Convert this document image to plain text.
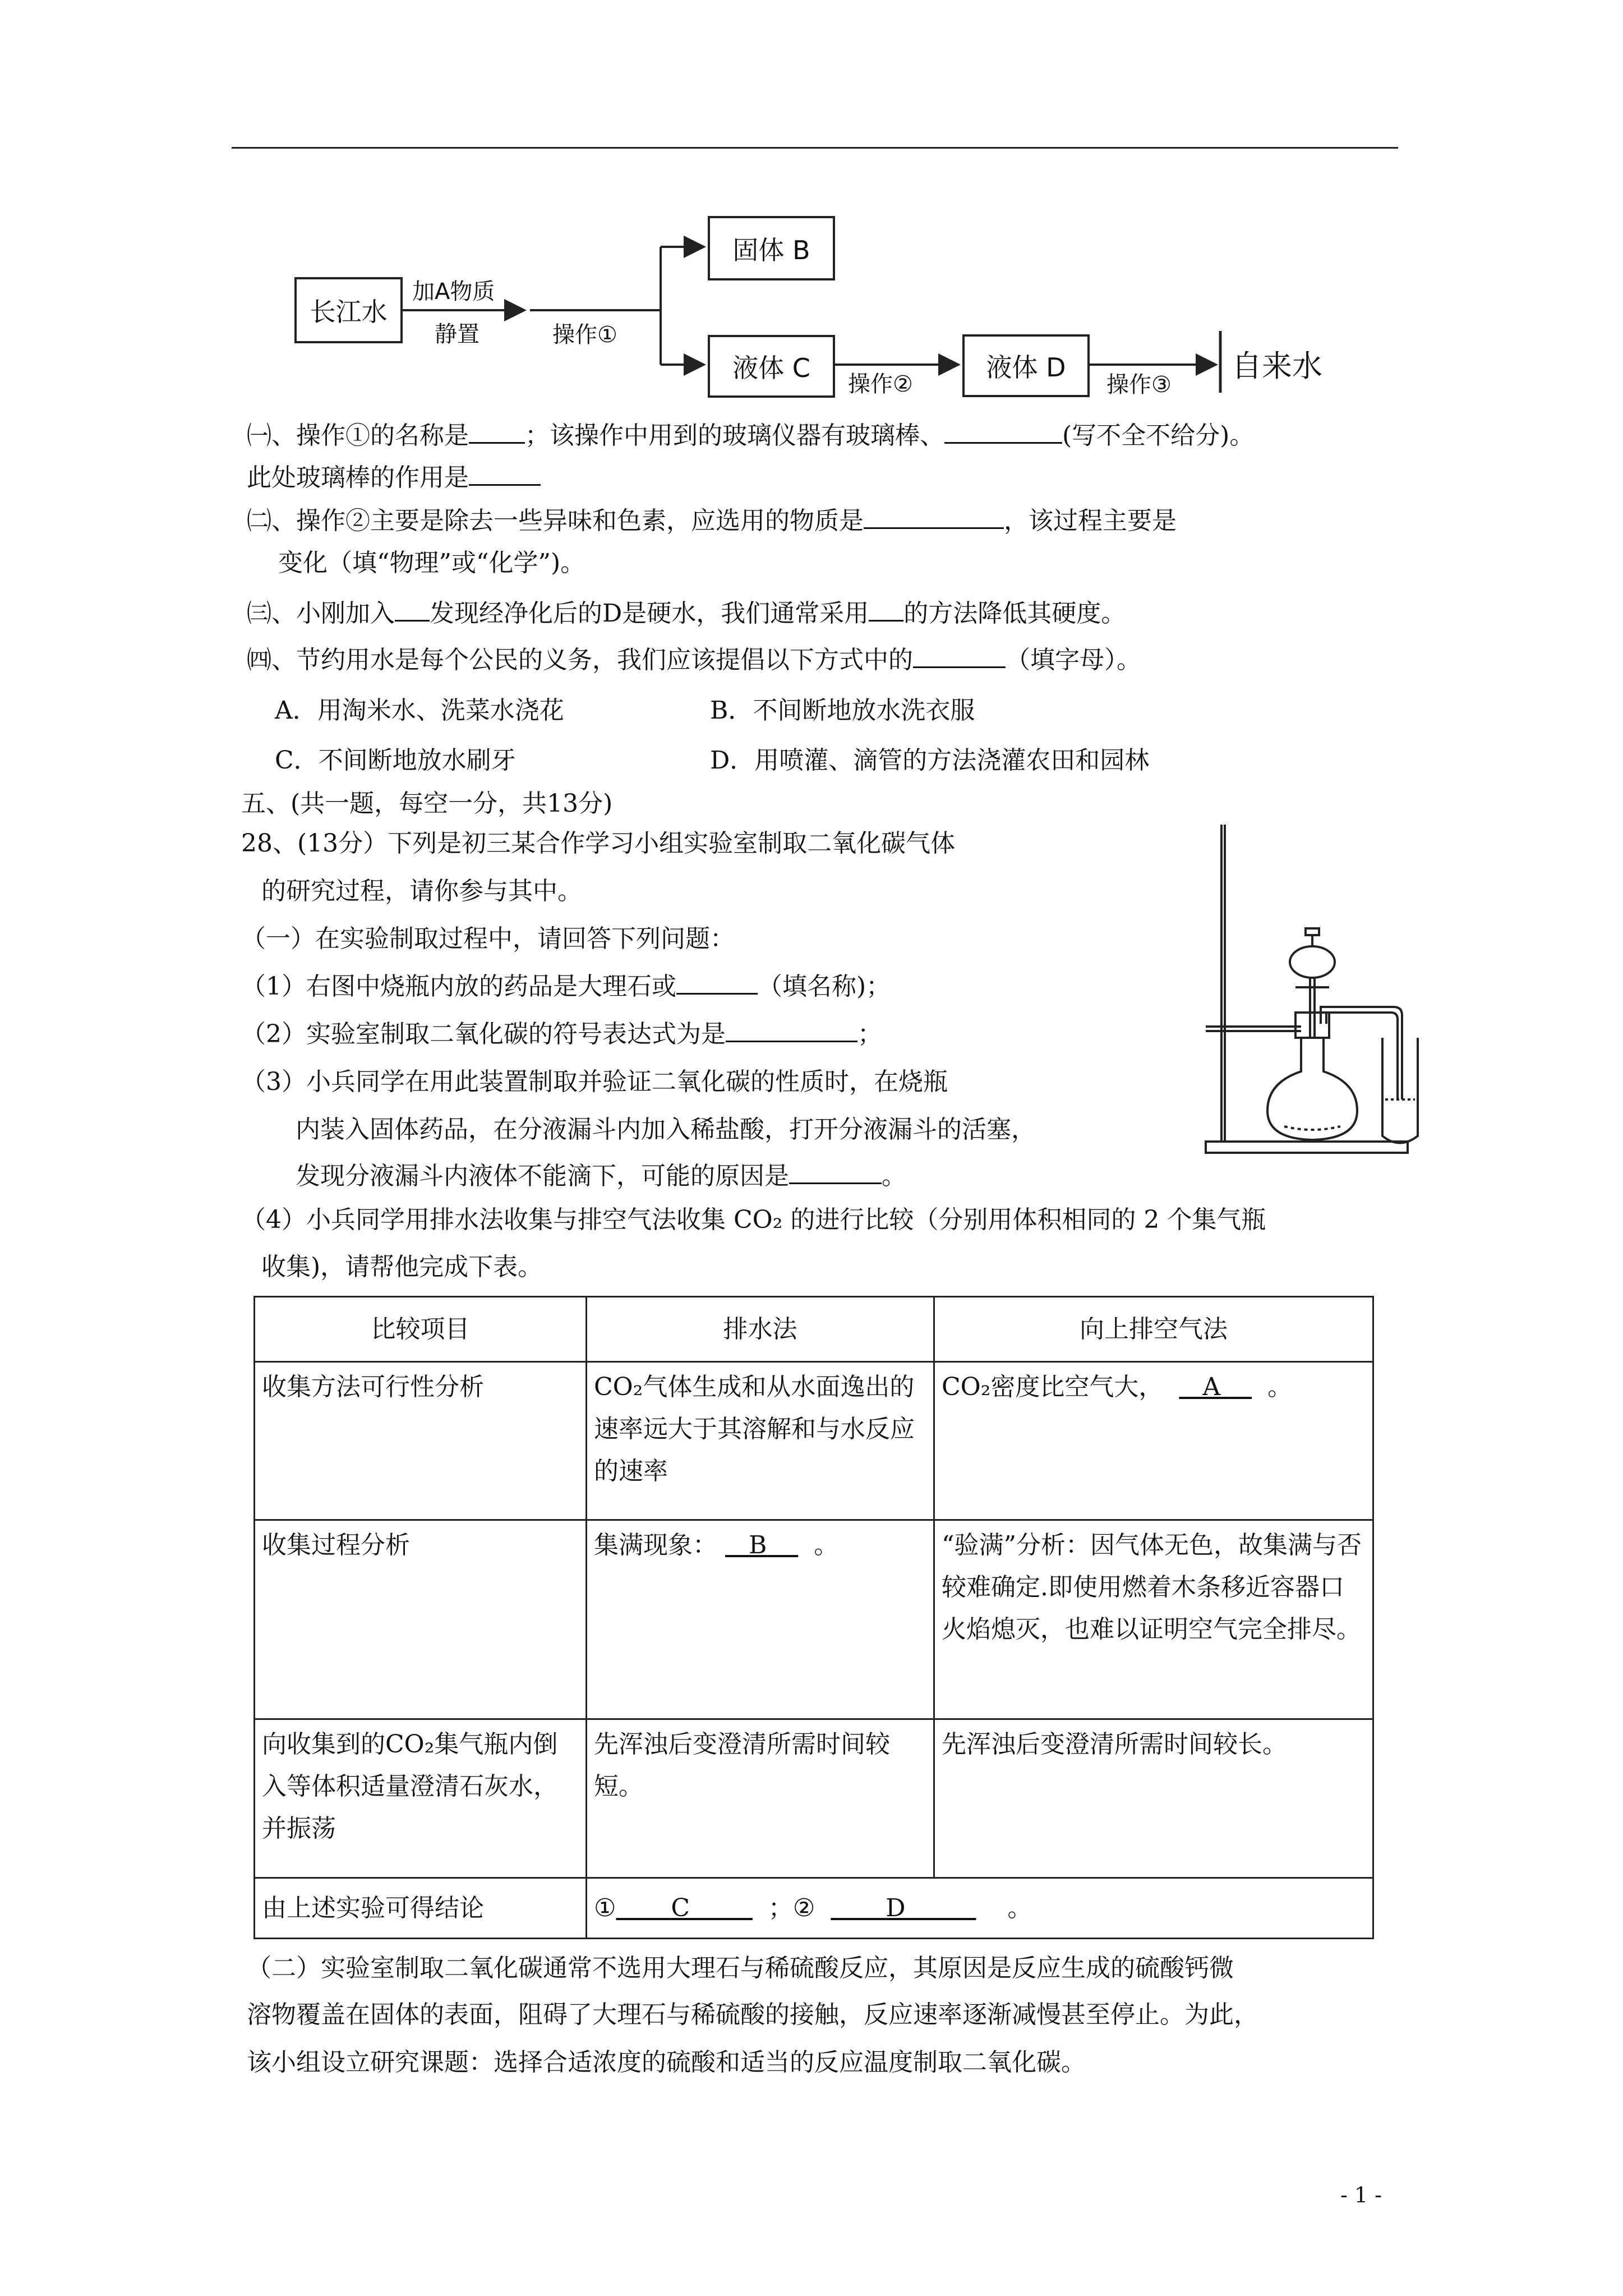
长江水
加A物质
静置	操作①
固体 B
液体 C
操作②
液体 D
操作③
自来水
㈠、操作①的名称是 ；该操作中用到的玻璃仪器有玻璃棒、	(写不全不给分)。
此处玻璃棒的作用是
㈡、操作②主要是除去一些异味和色素，应选用的物质是	，该过程主要是
变化（填“物理”或“化学”)。
㈢、小刚加入 发现经净化后的D是硬水，我们通常采用 的方法降低其硬度。
㈣、节约用水是每个公民的义务，我们应该提倡以下方式中的	（填字母）。
A．用淘米水、洗菜水浇花	B．不间断地放水洗衣服
C．不间断地放水刷牙	D．用喷灌、滴管的方法浇灌农田和园林
五、(共一题，每空一分，共13分)
28、(13分）下列是初三某合作学习小组实验室制取二氧化碳气体
的研究过程，请你参与其中。
（一）在实验制取过程中，请回答下列问题：
（1）右图中烧瓶内放的药品是大理石或	（填名称)；
（2）实验室制取二氧化碳的符号表达式为是	；
（3）小兵同学在用此装置制取并验证二氧化碳的性质时，在烧瓶
内装入固体药品，在分液漏斗内加入稀盐酸，打开分液漏斗的活塞，
发现分液漏斗内液体不能滴下，可能的原因是	。
（4）小兵同学用排水法收集与排空气法收集 CO₂ 的进行比较（分别用体积相同的 2 个集气瓶
收集)，请帮他完成下表。
比较项目	排水法	向上排空气法
收集方法可行性分析	CO₂气体生成和从水面逸出的速率远大于其溶解和与水反应的速率	CO₂密度比空气大， A 。
收集过程分析	集满现象： B 。	“验满”分析：因气体无色，故集满与否较难确定.即使用燃着木条移近容器口火焰熄灭，也难以证明空气完全排尽。
向收集到的CO₂集气瓶内倒入等体积适量澄清石灰水，并振荡	先浑浊后变澄清所需时间较短。	先浑浊后变澄清所需时间较长。
由上述实验可得结论	① C ；② D 。	
（二）实验室制取二氧化碳通常不选用大理石与稀硫酸反应，其原因是反应生成的硫酸钙微
溶物覆盖在固体的表面，阻碍了大理石与稀硫酸的接触，反应速率逐渐减慢甚至停止。为此，
该小组设立研究课题：选择合适浓度的硫酸和适当的反应温度制取二氧化碳。
- 1 -
